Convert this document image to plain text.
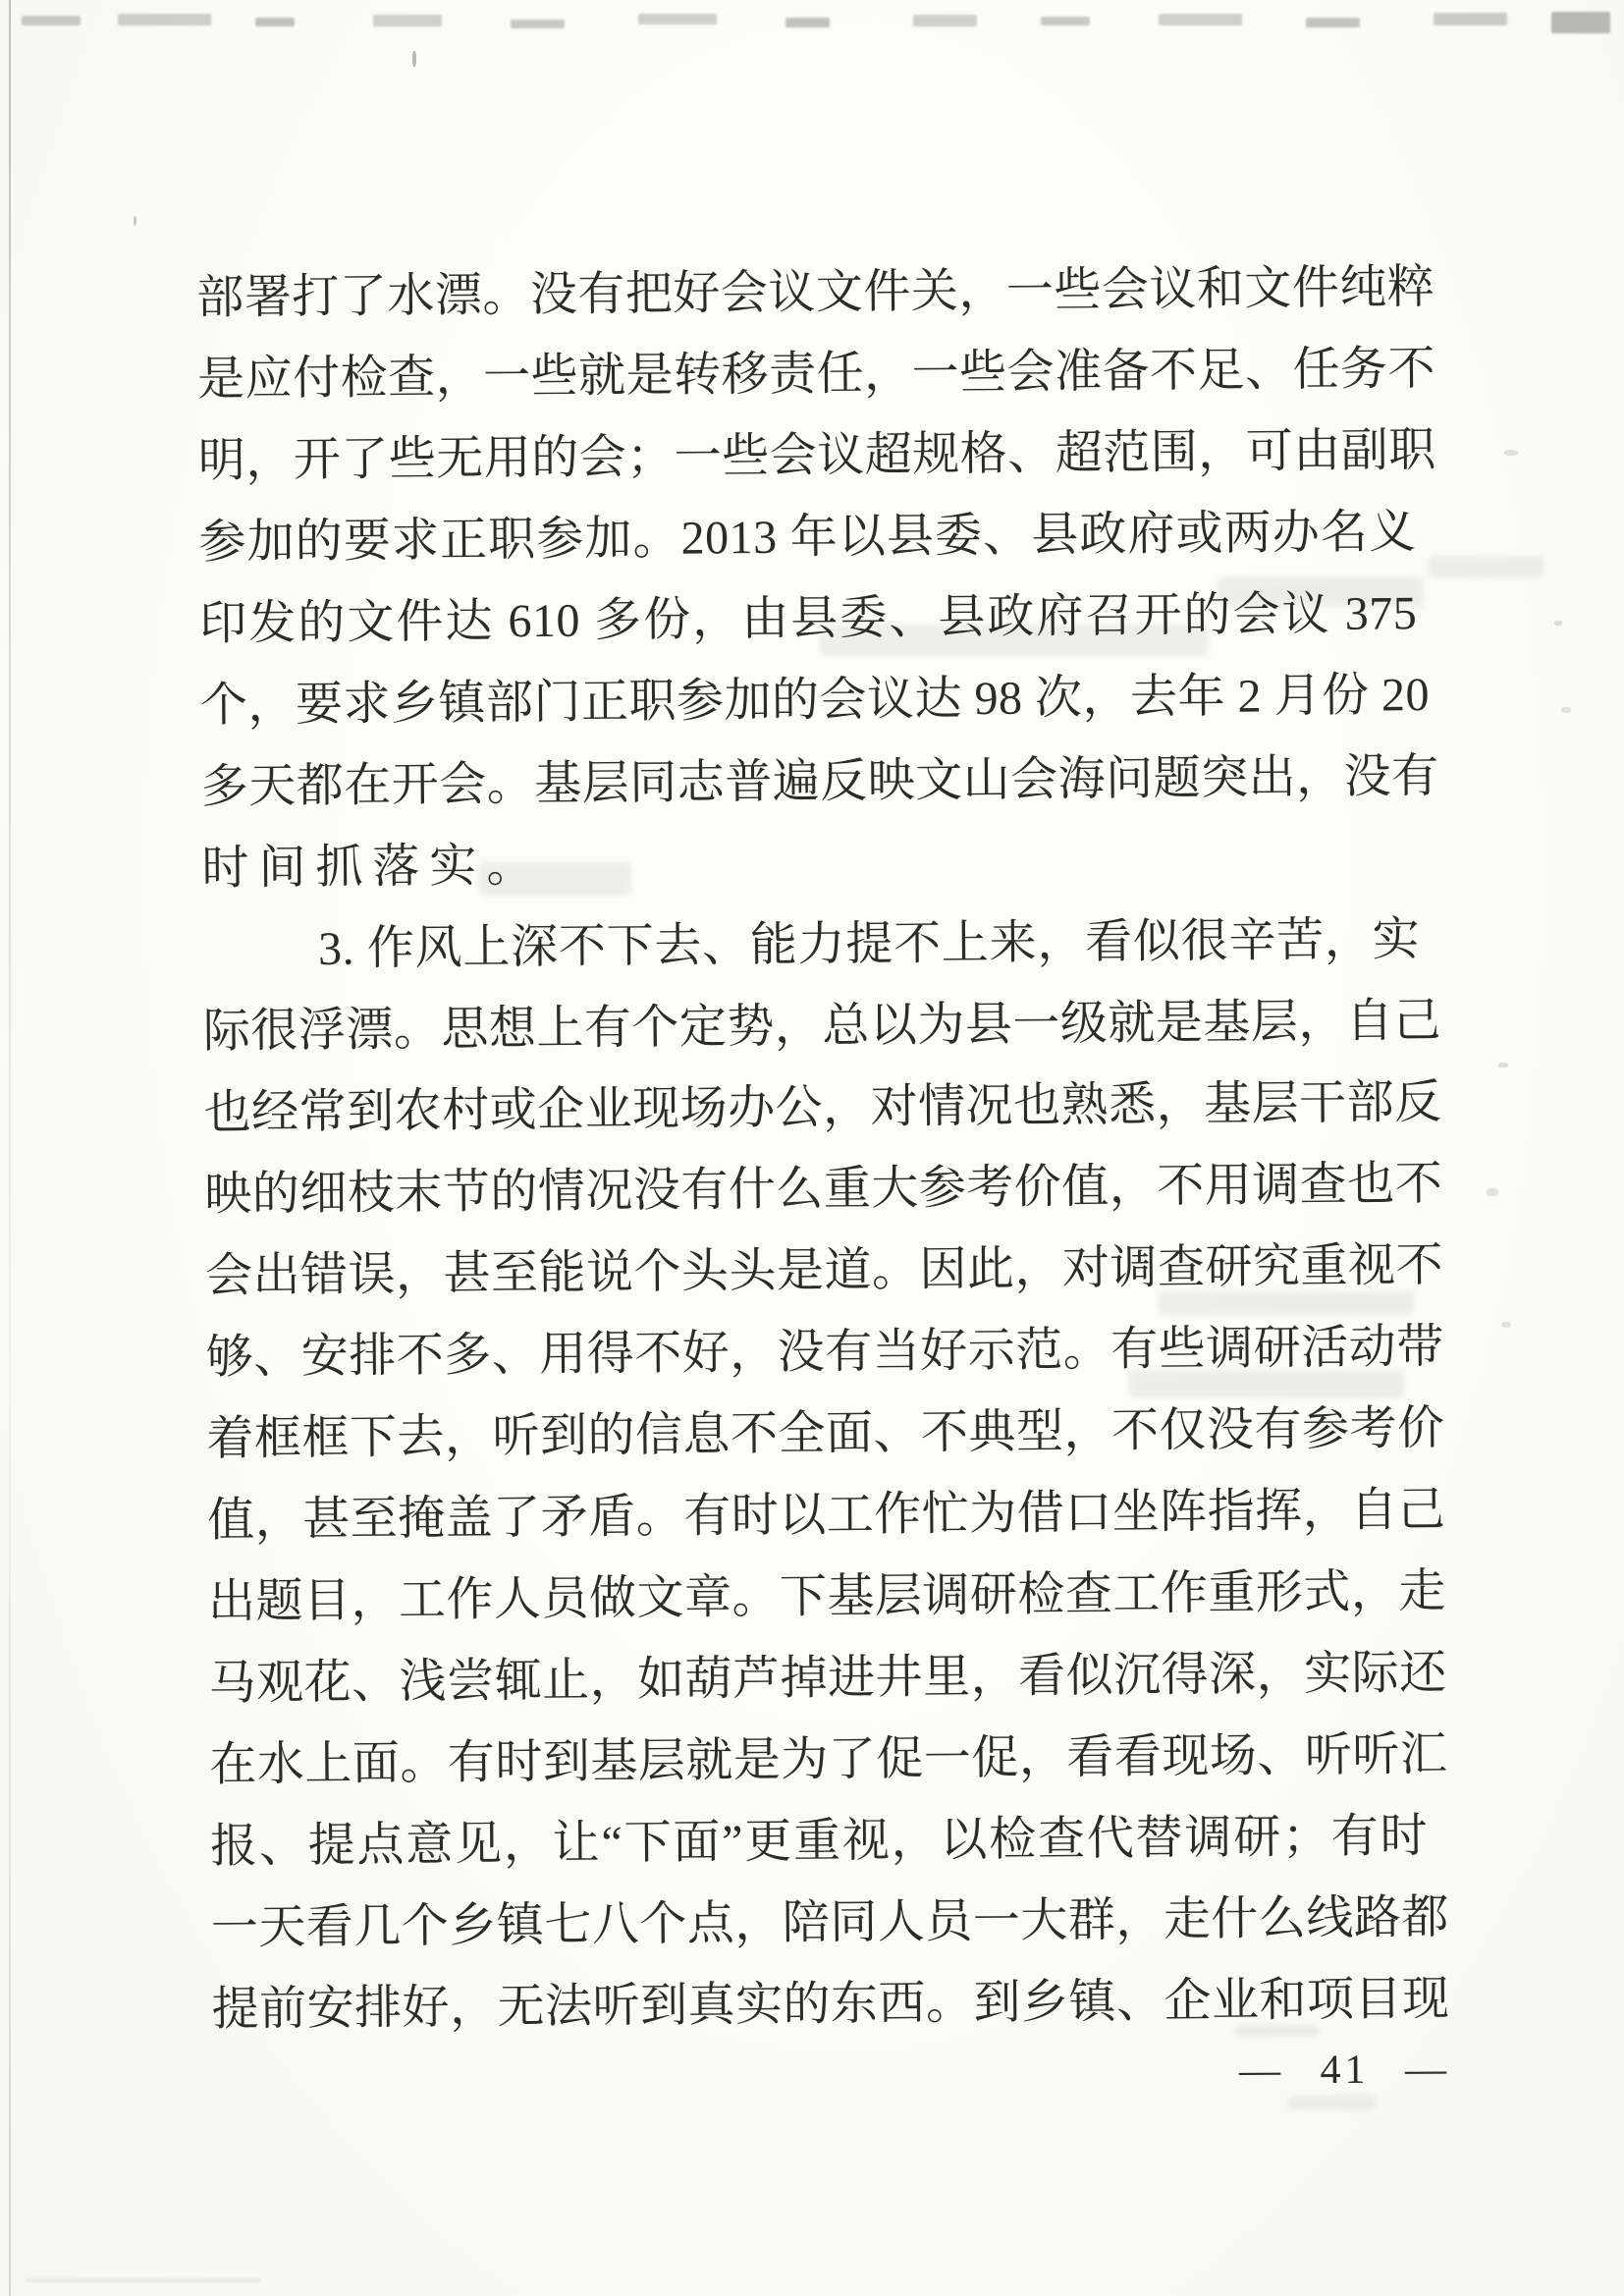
部署打了水漂。没有把好会议文件关，一些会议和文件纯粹

是应付检查，一些就是转移责任，一些会准备不足、任务不

明，开了些无用的会；一些会议超规格、超范围，可由副职

参加的要求正职参加。2013 年以县委、县政府或两办名义

印发的文件达 610 多份，由县委、县政府召开的会议 375

个，要求乡镇部门正职参加的会议达 98 次，去年 2 月份 20

多天都在开会。基层同志普遍反映文山会海问题突出，没有

时间抓落实。

3. 作风上深不下去、能力提不上来，看似很辛苦，实

际很浮漂。思想上有个定势，总以为县一级就是基层，自己

也经常到农村或企业现场办公，对情况也熟悉，基层干部反

映的细枝末节的情况没有什么重大参考价值，不用调查也不

会出错误，甚至能说个头头是道。因此，对调查研究重视不

够、安排不多、用得不好，没有当好示范。有些调研活动带

着框框下去，听到的信息不全面、不典型，不仅没有参考价

值，甚至掩盖了矛盾。有时以工作忙为借口坐阵指挥，自己

出题目，工作人员做文章。下基层调研检查工作重形式，走

马观花、浅尝辄止，如葫芦掉进井里，看似沉得深，实际还

在水上面。有时到基层就是为了促一促，看看现场、听听汇

报、提点意见，让“下面”更重视，以检查代替调研；有时

一天看几个乡镇七八个点，陪同人员一大群，走什么线路都

提前安排好，无法听到真实的东西。到乡镇、企业和项目现

— 41 —
